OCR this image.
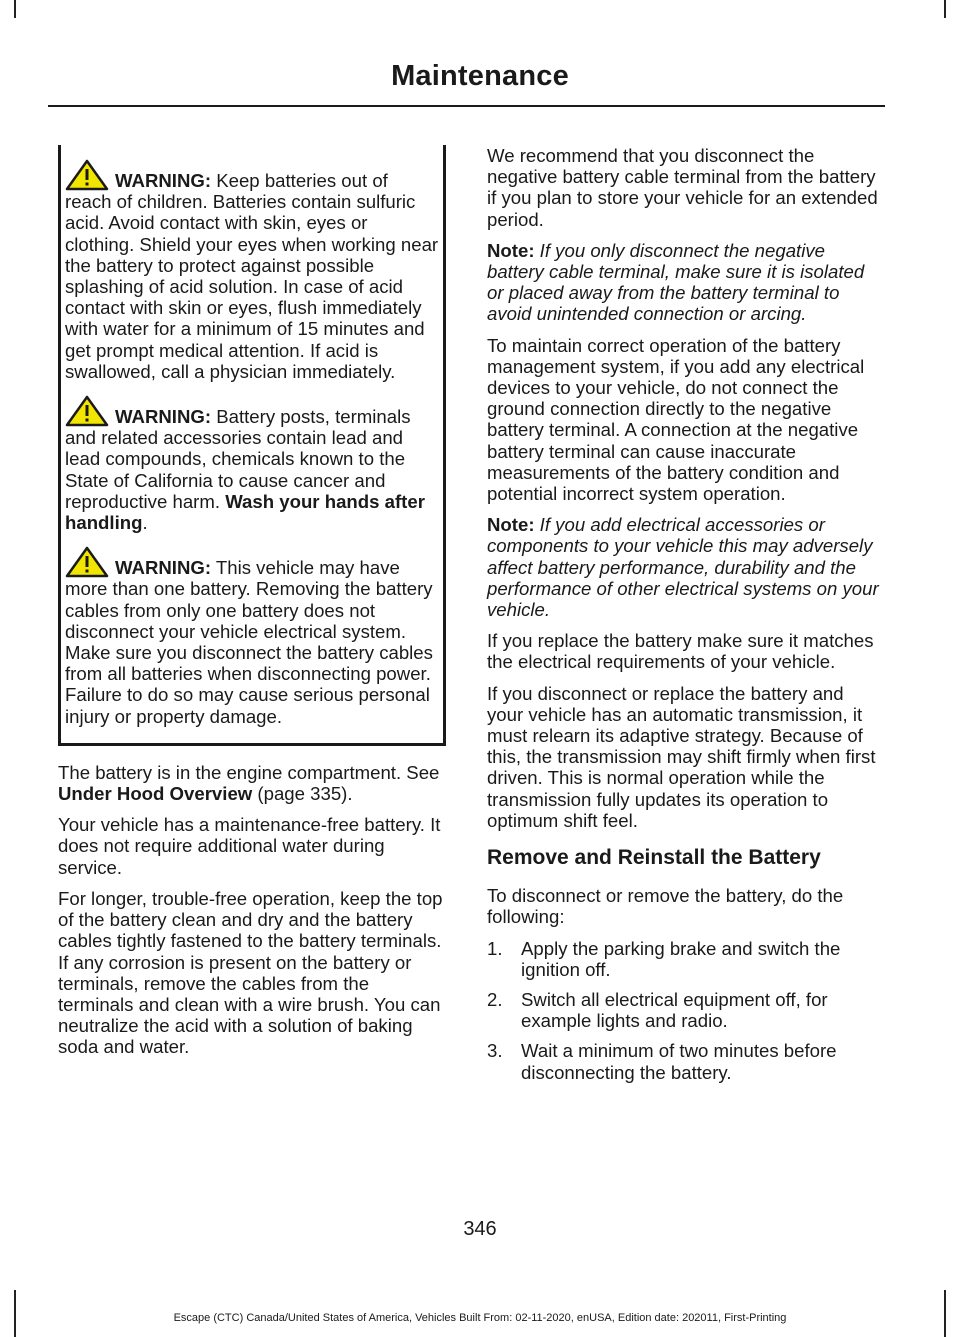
Maintenance
WARNING: Keep batteries out of reach of children. Batteries contain sulfuric acid. Avoid contact with skin, eyes or clothing. Shield your eyes when working near the battery to protect against possible splashing of acid solution. In case of acid contact with skin or eyes, flush immediately with water for a minimum of 15 minutes and get prompt medical attention. If acid is swallowed, call a physician immediately.
WARNING: Battery posts, terminals and related accessories contain lead and lead compounds, chemicals known to the State of California to cause cancer and reproductive harm. Wash your hands after handling.
WARNING: This vehicle may have more than one battery. Removing the battery cables from only one battery does not disconnect your vehicle electrical system. Make sure you disconnect the battery cables from all batteries when disconnecting power. Failure to do so may cause serious personal injury or property damage.

The battery is in the engine compartment. See Under Hood Overview (page 335).

Your vehicle has a maintenance-free battery. It does not require additional water during service.

For longer, trouble-free operation, keep the top of the battery clean and dry and the battery cables tightly fastened to the battery terminals. If any corrosion is present on the battery or terminals, remove the cables from the terminals and clean with a wire brush. You can neutralize the acid with a solution of baking soda and water.

We recommend that you disconnect the negative battery cable terminal from the battery if you plan to store your vehicle for an extended period.

Note: If you only disconnect the negative battery cable terminal, make sure it is isolated or placed away from the battery terminal to avoid unintended connection or arcing.

To maintain correct operation of the battery management system, if you add any electrical devices to your vehicle, do not connect the ground connection directly to the negative battery terminal. A connection at the negative battery terminal can cause inaccurate measurements of the battery condition and potential incorrect system operation.

Note: If you add electrical accessories or components to your vehicle this may adversely affect battery performance, durability and the performance of other electrical systems on your vehicle.

If you replace the battery make sure it matches the electrical requirements of your vehicle.

If you disconnect or replace the battery and your vehicle has an automatic transmission, it must relearn its adaptive strategy. Because of this, the transmission may shift firmly when first driven. This is normal operation while the transmission fully updates its operation to optimum shift feel.

Remove and Reinstall the Battery

To disconnect or remove the battery, do the following:

1. Apply the parking brake and switch the ignition off.
2. Switch all electrical equipment off, for example lights and radio.
3. Wait a minimum of two minutes before disconnecting the battery.
346
Escape (CTC) Canada/United States of America, Vehicles Built From: 02-11-2020, enUSA, Edition date: 202011, First-Printing
